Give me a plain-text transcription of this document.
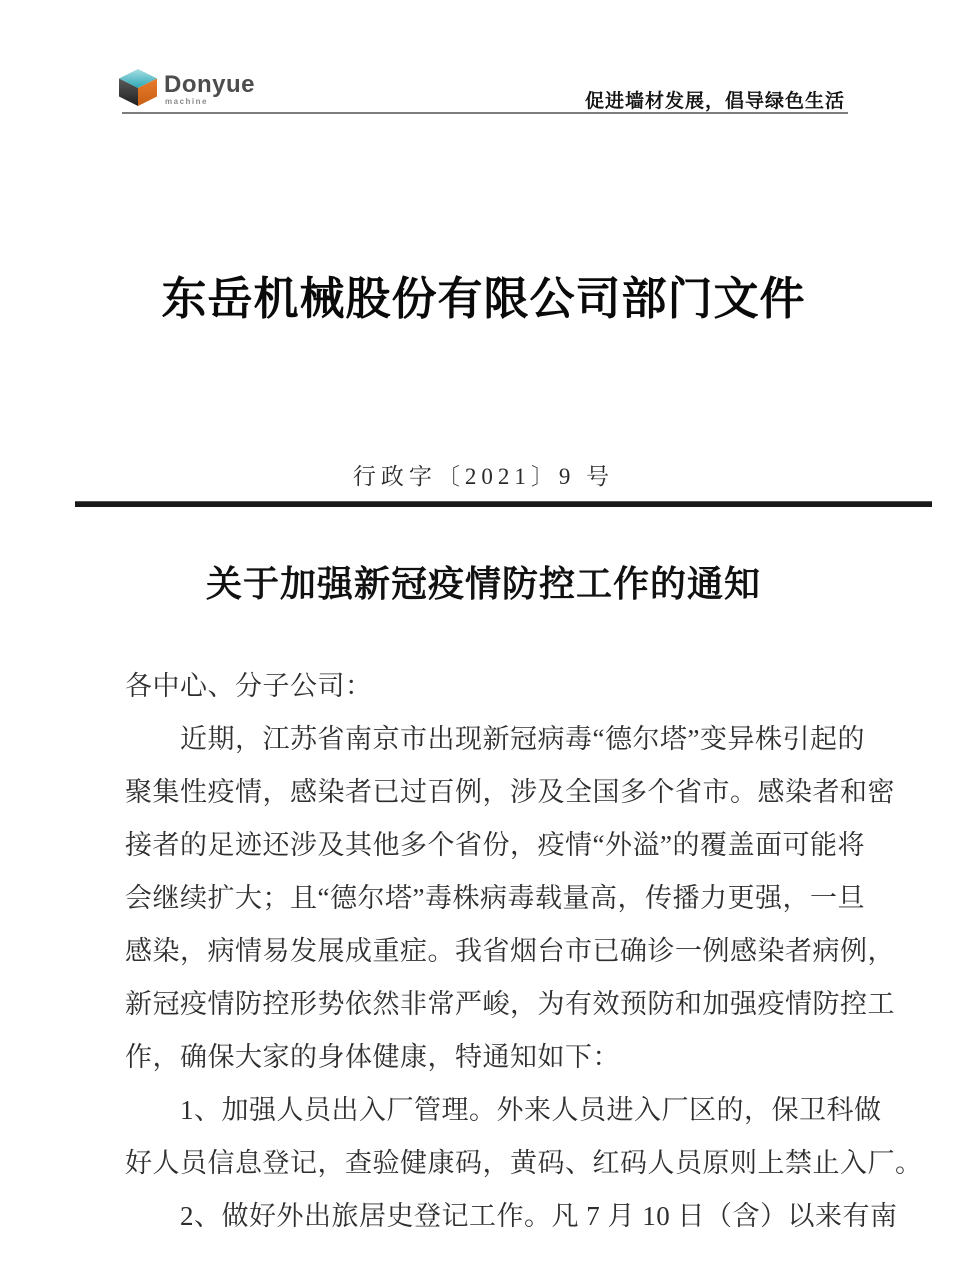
Donyue
machine	促进墙材发展，倡导绿色生活
东岳机械股份有限公司部门文件
行政字〔2021〕9 号
关于加强新冠疫情防控工作的通知
各中心、分子公司：
近期，江苏省南京市出现新冠病毒“德尔塔”变异株引起的
聚集性疫情，感染者已过百例，涉及全国多个省市。感染者和密
接者的足迹还涉及其他多个省份，疫情“外溢”的覆盖面可能将
会继续扩大；且“德尔塔”毒株病毒载量高，传播力更强，一旦
感染，病情易发展成重症。我省烟台市已确诊一例感染者病例，
新冠疫情防控形势依然非常严峻，为有效预防和加强疫情防控工
作，确保大家的身体健康，特通知如下：
1、加强人员出入厂管理。外来人员进入厂区的，保卫科做
好人员信息登记，查验健康码，黄码、红码人员原则上禁止入厂。
2、做好外出旅居史登记工作。凡 7 月 10 日（含）以来有南
